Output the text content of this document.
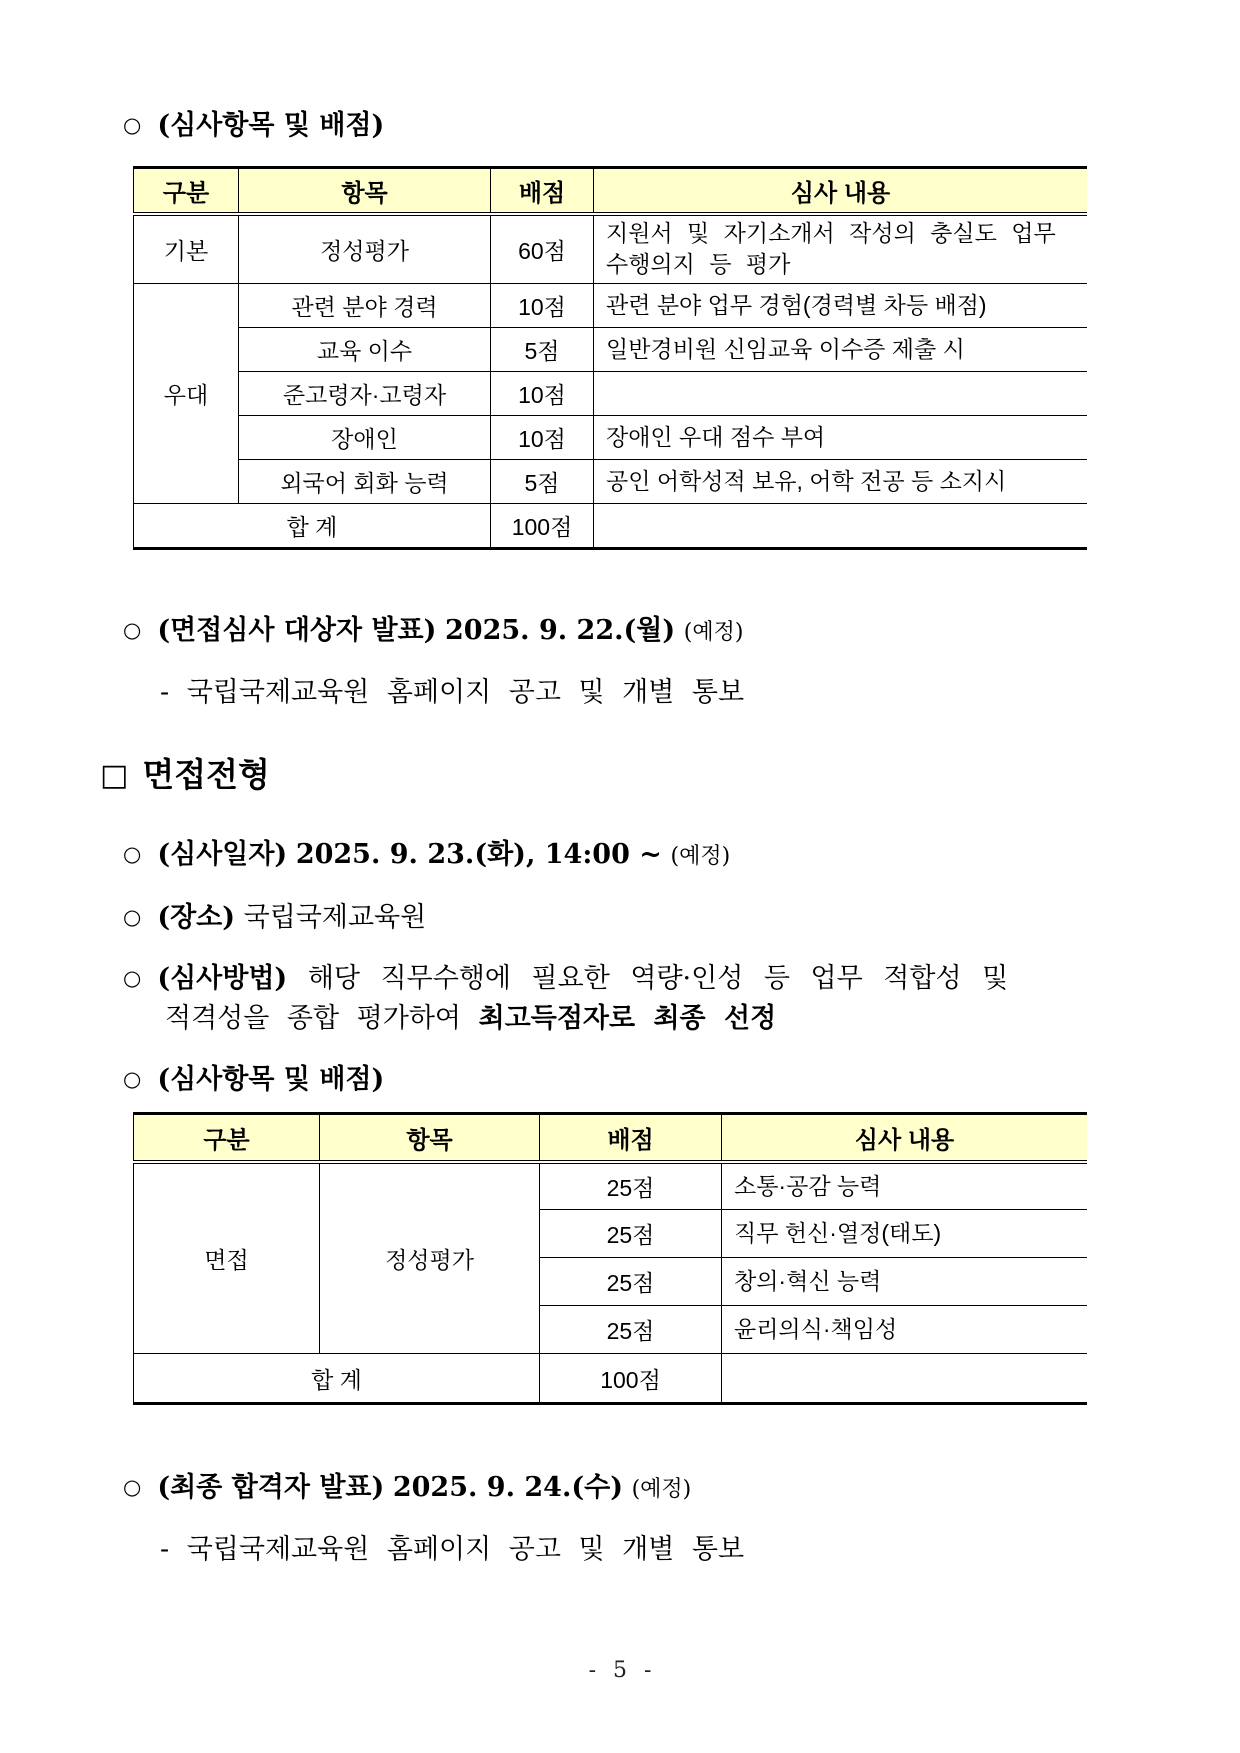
○ (심사항목 및 배점)

구분	항목	배점	심사 내용
기본	정성평가	60점	지원서 및 자기소개서 작성의 충실도 업무 수행의지 등 평가
우대	관련 분야 경력	10점	관련 분야 업무 경험(경력별 차등 배점)
	교육 이수	5점	일반경비원 신임교육 이수증 제출 시
	준고령자·고령자	10점	
	장애인	10점	장애인 우대 점수 부여
	외국어 회화 능력	5점	공인 어학성적 보유, 어학 전공 등 소지시
합 계		100점	

○ (면접심사 대상자 발표) 2025. 9. 22.(월) (예정)

- 국립국제교육원 홈페이지 공고 및 개별 통보

□ 면접전형

○ (심사일자) 2025. 9. 23.(화), 14:00 ~ (예정)

○ (장소) 국립국제교육원

○ (심사방법) 해당 직무수행에 필요한 역량·인성 등 업무 적합성 및

적격성을 종합 평가하여 최고득점자로 최종 선정

○ (심사항목 및 배점)

구분	항목	배점	심사 내용
면접	정성평가	25점	소통·공감 능력
		25점	직무 헌신·열정(태도)
		25점	창의·혁신 능력
		25점	윤리의식·책임성
합 계		100점	

○ (최종 합격자 발표) 2025. 9. 24.(수) (예정)

- 국립국제교육원 홈페이지 공고 및 개별 통보

- 5 -
